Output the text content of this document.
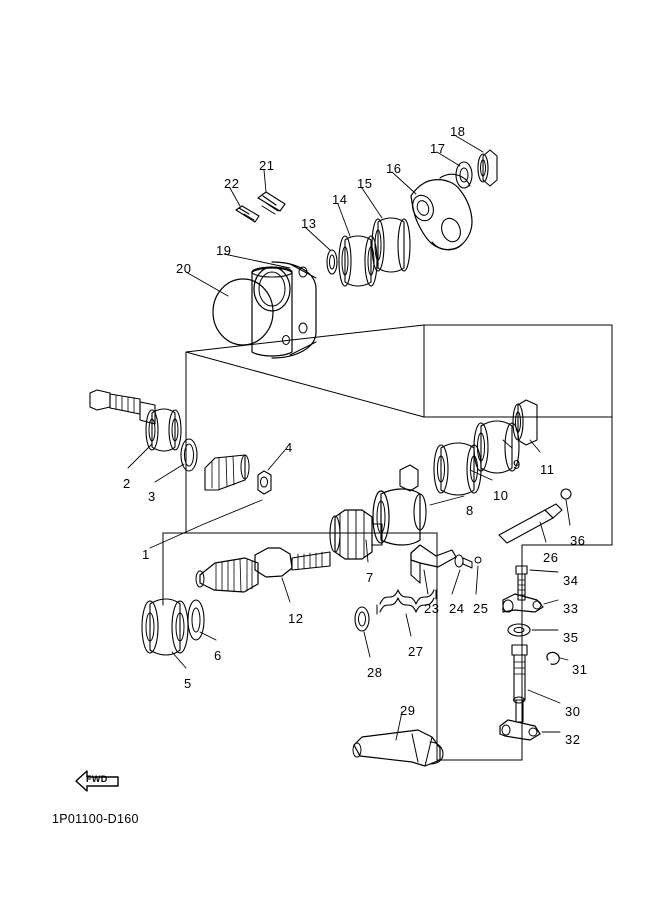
FWD
1P01100-D160
18
17
16
21
22	15
14
13
19
20
11
9
10
8
2
3
4
36
26
1
34
33
35
31
30
32
23 24 25
7
12
5
6	27
28
29
